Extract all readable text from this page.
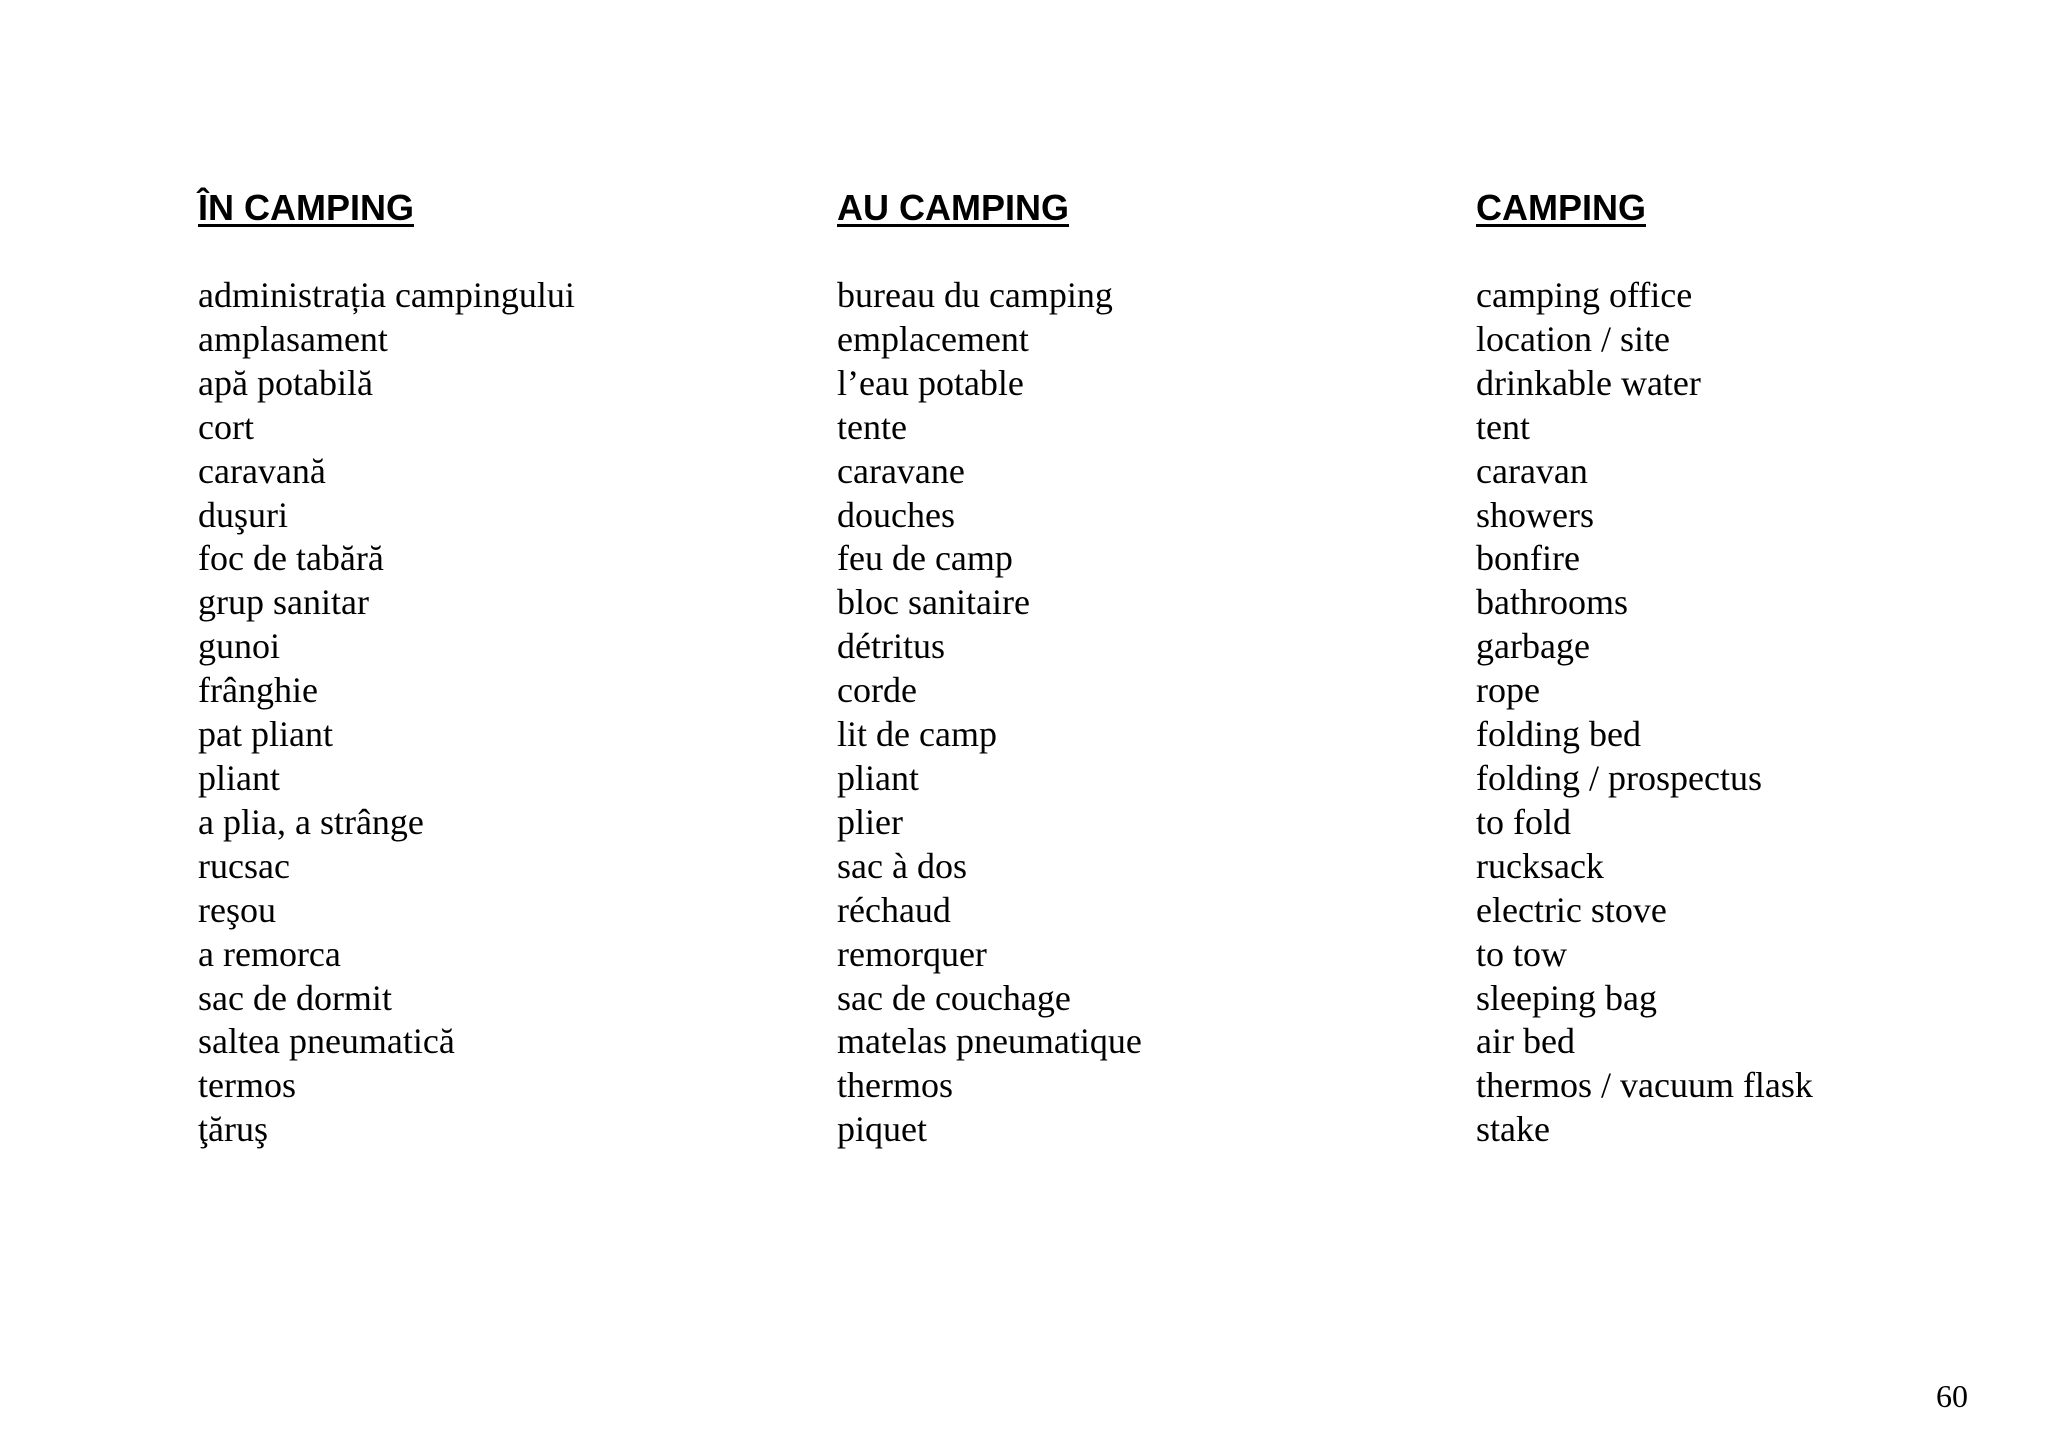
ÎN CAMPING
administrația campingului
amplasament
apă potabilă
cort
caravană
duşuri
foc de tabără
grup sanitar
gunoi
frânghie
pat pliant
pliant
a plia, a strânge
rucsac
reşou
a remorca
sac de dormit
saltea pneumatică
termos
ţăruş
AU CAMPING
bureau du camping
emplacement
l’eau potable
tente
caravane
douches
feu de camp
bloc sanitaire
détritus
corde
lit de camp
pliant
plier
sac à dos
réchaud
remorquer
sac de couchage
matelas pneumatique
thermos
piquet
CAMPING
camping office
location / site
drinkable water
tent
caravan
showers
bonfire
bathrooms
garbage
rope
folding bed
folding / prospectus
to fold
rucksack
electric stove
to tow
sleeping bag
air bed
thermos / vacuum flask
stake
60
